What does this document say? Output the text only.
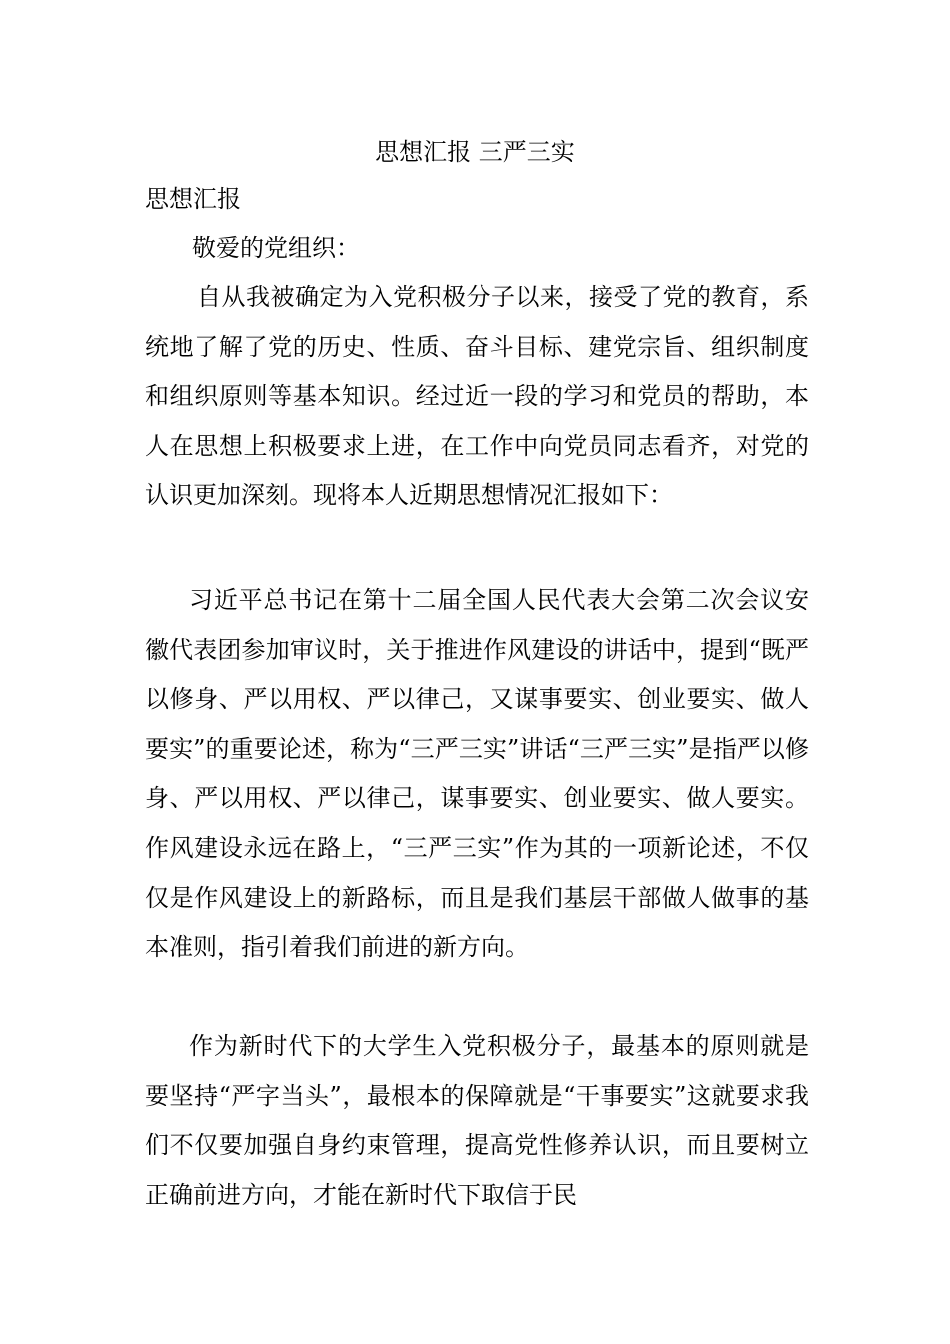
思想汇报 三严三实
思想汇报
敬爱的党组织：

自从我被确定为入党积极分子以来，接受了党的教育，系统地了解了党的历史、性质、奋斗目标、建党宗旨、组织制度和组织原则等基本知识。经过近一段的学习和党员的帮助，本人在思想上积极要求上进，在工作中向党员同志看齐，对党的认识更加深刻。现将本人近期思想情况汇报如下：

习近平总书记在第十二届全国人民代表大会第二次会议安徽代表团参加审议时，关于推进作风建设的讲话中，提到“既严以修身、严以用权、严以律己，又谋事要实、创业要实、做人要实”的重要论述，称为“三严三实”讲话“三严三实”是指严以修身、严以用权、严以律己，谋事要实、创业要实、做人要实。作风建设永远在路上，“三严三实”作为其的一项新论述，不仅仅是作风建设上的新路标，而且是我们基层干部做人做事的基本准则，指引着我们前进的新方向。

作为新时代下的大学生入党积极分子，最基本的原则就是要坚持“严字当头”，最根本的保障就是“干事要实”这就要求我们不仅要加强自身约束管理，提高党性修养认识，而且要树立正确前进方向，才能在新时代下取信于民
